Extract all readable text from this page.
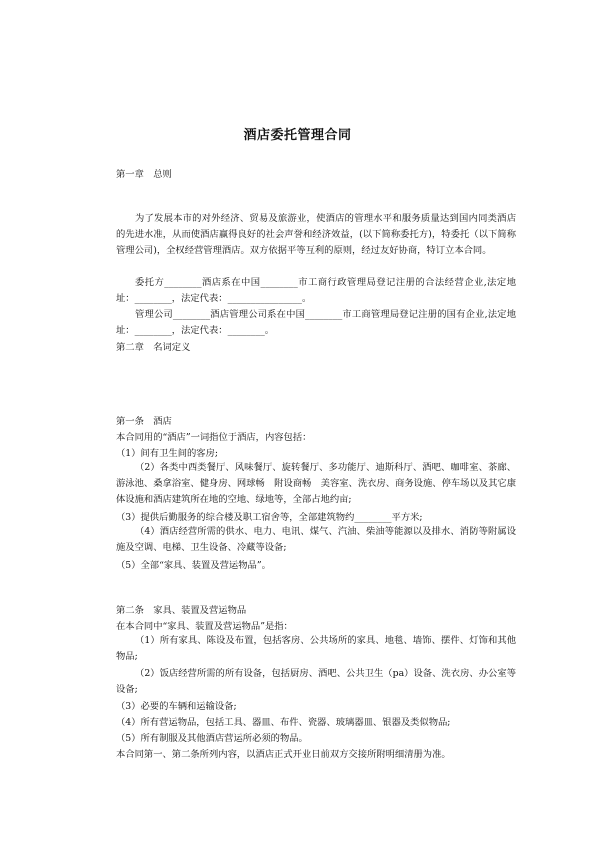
酒店委托管理合同
第一章　总则
为了发展本市的对外经济、贸易及旅游业，使酒店的管理水平和服务质量达到国内同类酒店的先进水准，从而使酒店赢得良好的社会声誉和经济效益，(以下简称委托方)，特委托（以下简称管理公司)，全权经营管理酒店。双方依据平等互利的原则，经过友好协商，特订立本合同。
委托方________酒店系在中国________市工商行政管理局登记注册的合法经营企业,法定地址：________，法定代表：________________。
管理公司________酒店管理公司系在中国________市工商管理局登记注册的国有企业,法定地址：________，法定代表：________。
第二章　名词定义
第一条　酒店
本合同用的“酒店”一词指位于酒店，内容包括：
（1）间有卫生间的客房;
（2）各类中西类餐厅、风味餐厅、旋转餐厅、多功能厅、迪斯科厅、酒吧、咖啡室、茶廊、游泳池、桑拿浴室、健身房、网球畅　附设商畅　美容室、洗衣房、商务设施、停车场以及其它康体设施和酒店建筑所在地的空地、绿地等，全部占地约亩;
（3）提供后勤服务的综合楼及职工宿舍等，全部建筑物约________平方米;
（4）酒店经营所需的供水、电力、电讯、煤气、汽油、柴油等能源以及排水、消防等附属设施及空调、电梯、卫生设备、冷藏等设备;
（5）全部“家具、装置及营运物品”。
第二条　家具、装置及营运物品
在本合同中“家具、装置及营运物品”是指：
（1）所有家具、陈设及布置，包括客房、公共场所的家具、地毯、墙饰、摆件、灯饰和其他物品;
（2）饭店经营所需的所有设备，包括厨房、酒吧、公共卫生（pa）设备、洗衣房、办公室等设备;
（3）必要的车辆和运输设备;
（4）所有营运物品，包括工具、器皿、布件、瓷器、玻璃器皿、银器及类似物品;
（5）所有制服及其他酒店营运所必须的物品。
本合同第一、第二条所列内容，以酒店正式开业日前双方交接所附明细清册为准。
